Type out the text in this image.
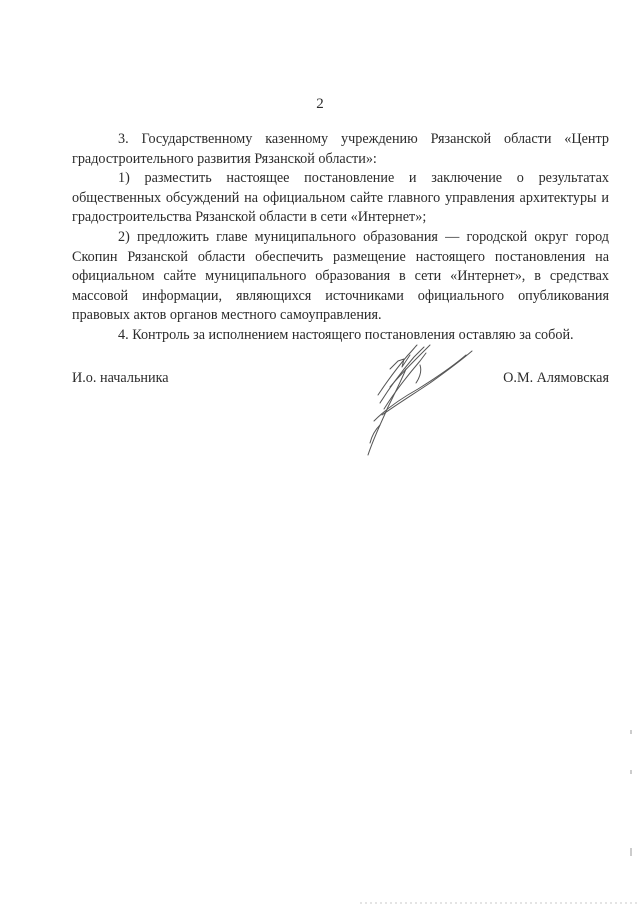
2

3. Государственному казенному учреждению Рязанской области «Центр градостроительного развития Рязанской области»:

1) разместить настоящее постановление и заключение о результатах общественных обсуждений на официальном сайте главного управления архитектуры и градостроительства Рязанской области в сети «Интернет»;

2) предложить главе муниципального образования — городской округ город Скопин Рязанской области обеспечить размещение настоящего постановления на официальном сайте муниципального образования в сети «Интернет», в средствах массовой информации, являющихся источниками официального опубликования правовых актов органов местного самоуправления.

4. Контроль за исполнением настоящего постановления оставляю за собой.

И.о. начальника	О.М. Алямовская
